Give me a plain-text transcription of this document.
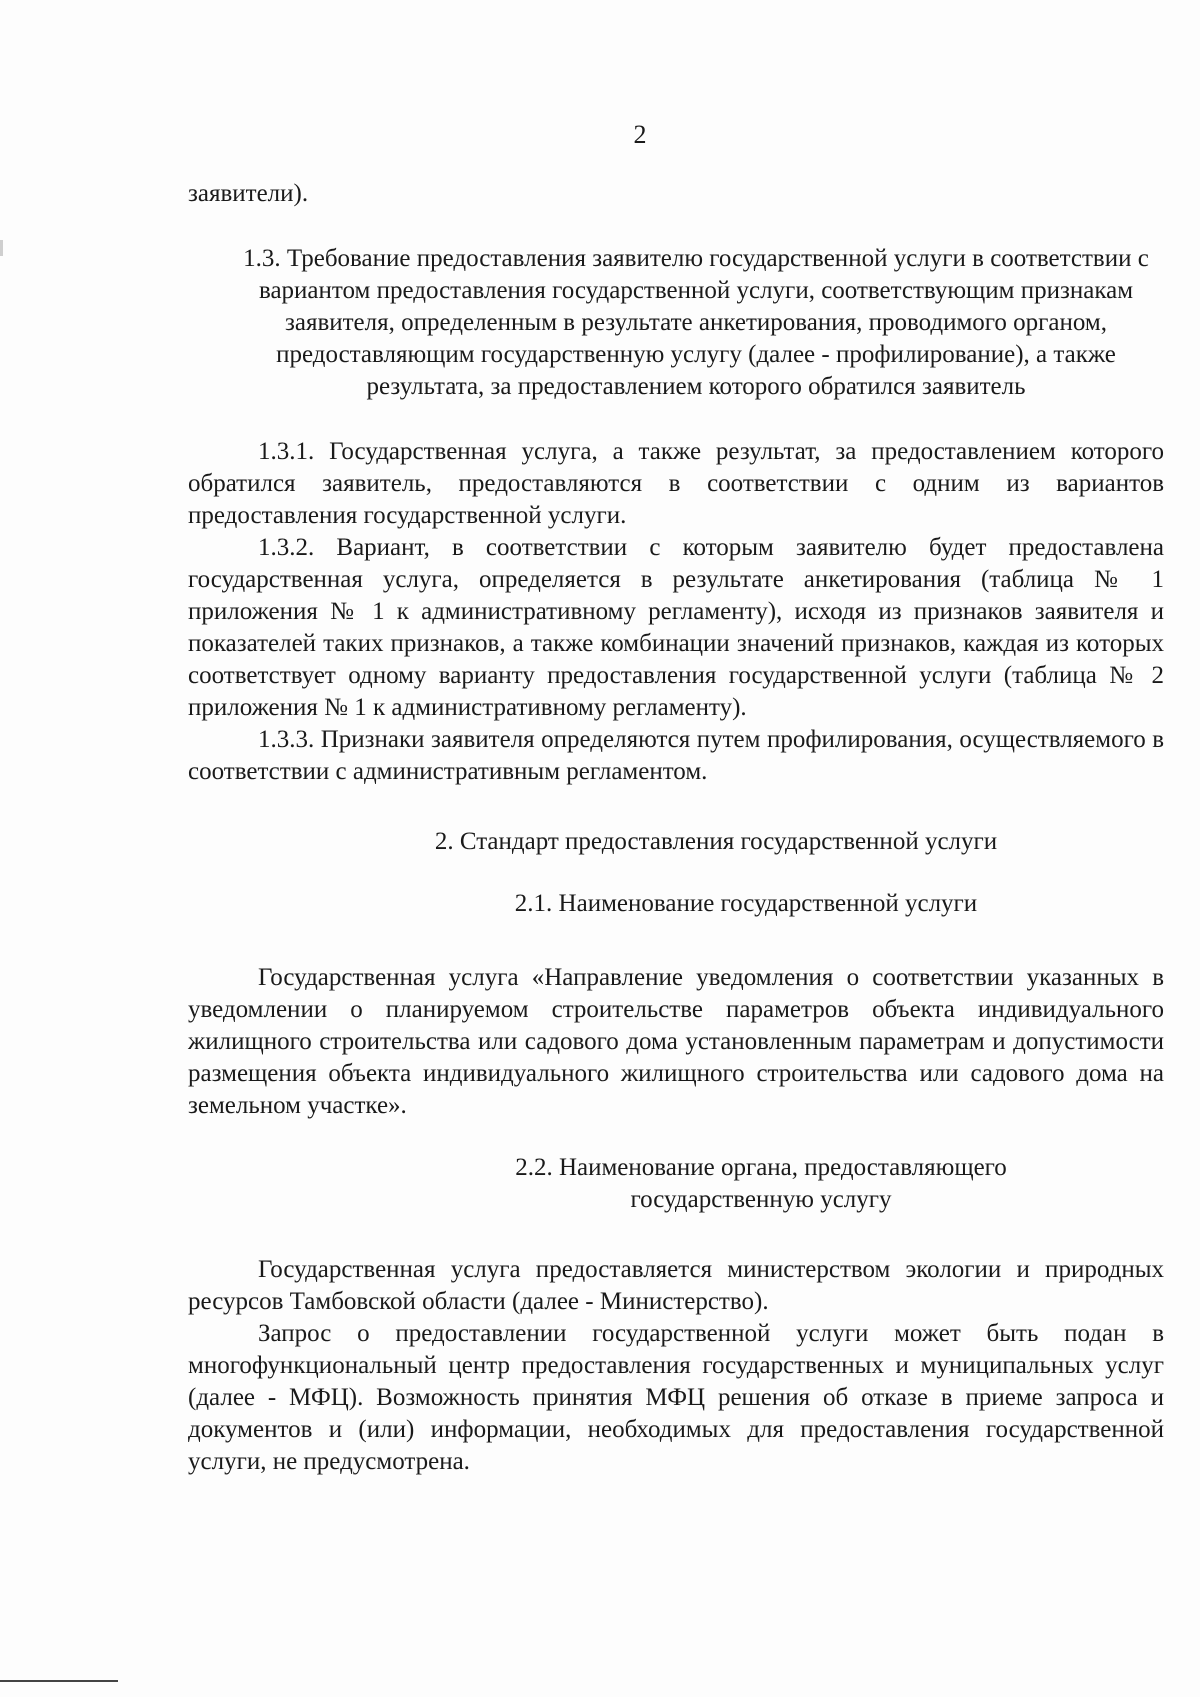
2

заявители).

1.3. Требование предоставления заявителю государственной услуги в соответствии с вариантом предоставления государственной услуги, соответствующим признакам заявителя, определенным в результате анкетирования, проводимого органом, предоставляющим государственную услугу (далее - профилирование), а также результата, за предоставлением которого обратился заявитель

1.3.1. Государственная услуга, а также результат, за предоставлением которого обратился заявитель, предоставляются в соответствии с одним из вариантов предоставления государственной услуги.

1.3.2. Вариант, в соответствии с которым заявителю будет предоставлена государственная услуга, определяется в результате анкетирования (таблица № 1 приложения № 1 к административному регламенту), исходя из признаков заявителя и показателей таких признаков, а также комбинации значений признаков, каждая из которых соответствует одному варианту предоставления государственной услуги (таблица № 2 приложения № 1 к административному регламенту).

1.3.3. Признаки заявителя определяются путем профилирования, осуществляемого в соответствии с административным регламентом.

2. Стандарт предоставления государственной услуги

2.1. Наименование государственной услуги

Государственная услуга «Направление уведомления о соответствии указанных в уведомлении о планируемом строительстве параметров объекта индивидуального жилищного строительства или садового дома установленным параметрам и допустимости размещения объекта индивидуального жилищного строительства или садового дома на земельном участке».

2.2. Наименование органа, предоставляющего
государственную услугу

Государственная услуга предоставляется министерством экологии и природных ресурсов Тамбовской области (далее - Министерство).

Запрос о предоставлении государственной услуги может быть подан в многофункциональный центр предоставления государственных и муниципальных услуг (далее - МФЦ). Возможность принятия МФЦ решения об отказе в приеме запроса и документов и (или) информации, необходимых для предоставления государственной услуги, не предусмотрена.
